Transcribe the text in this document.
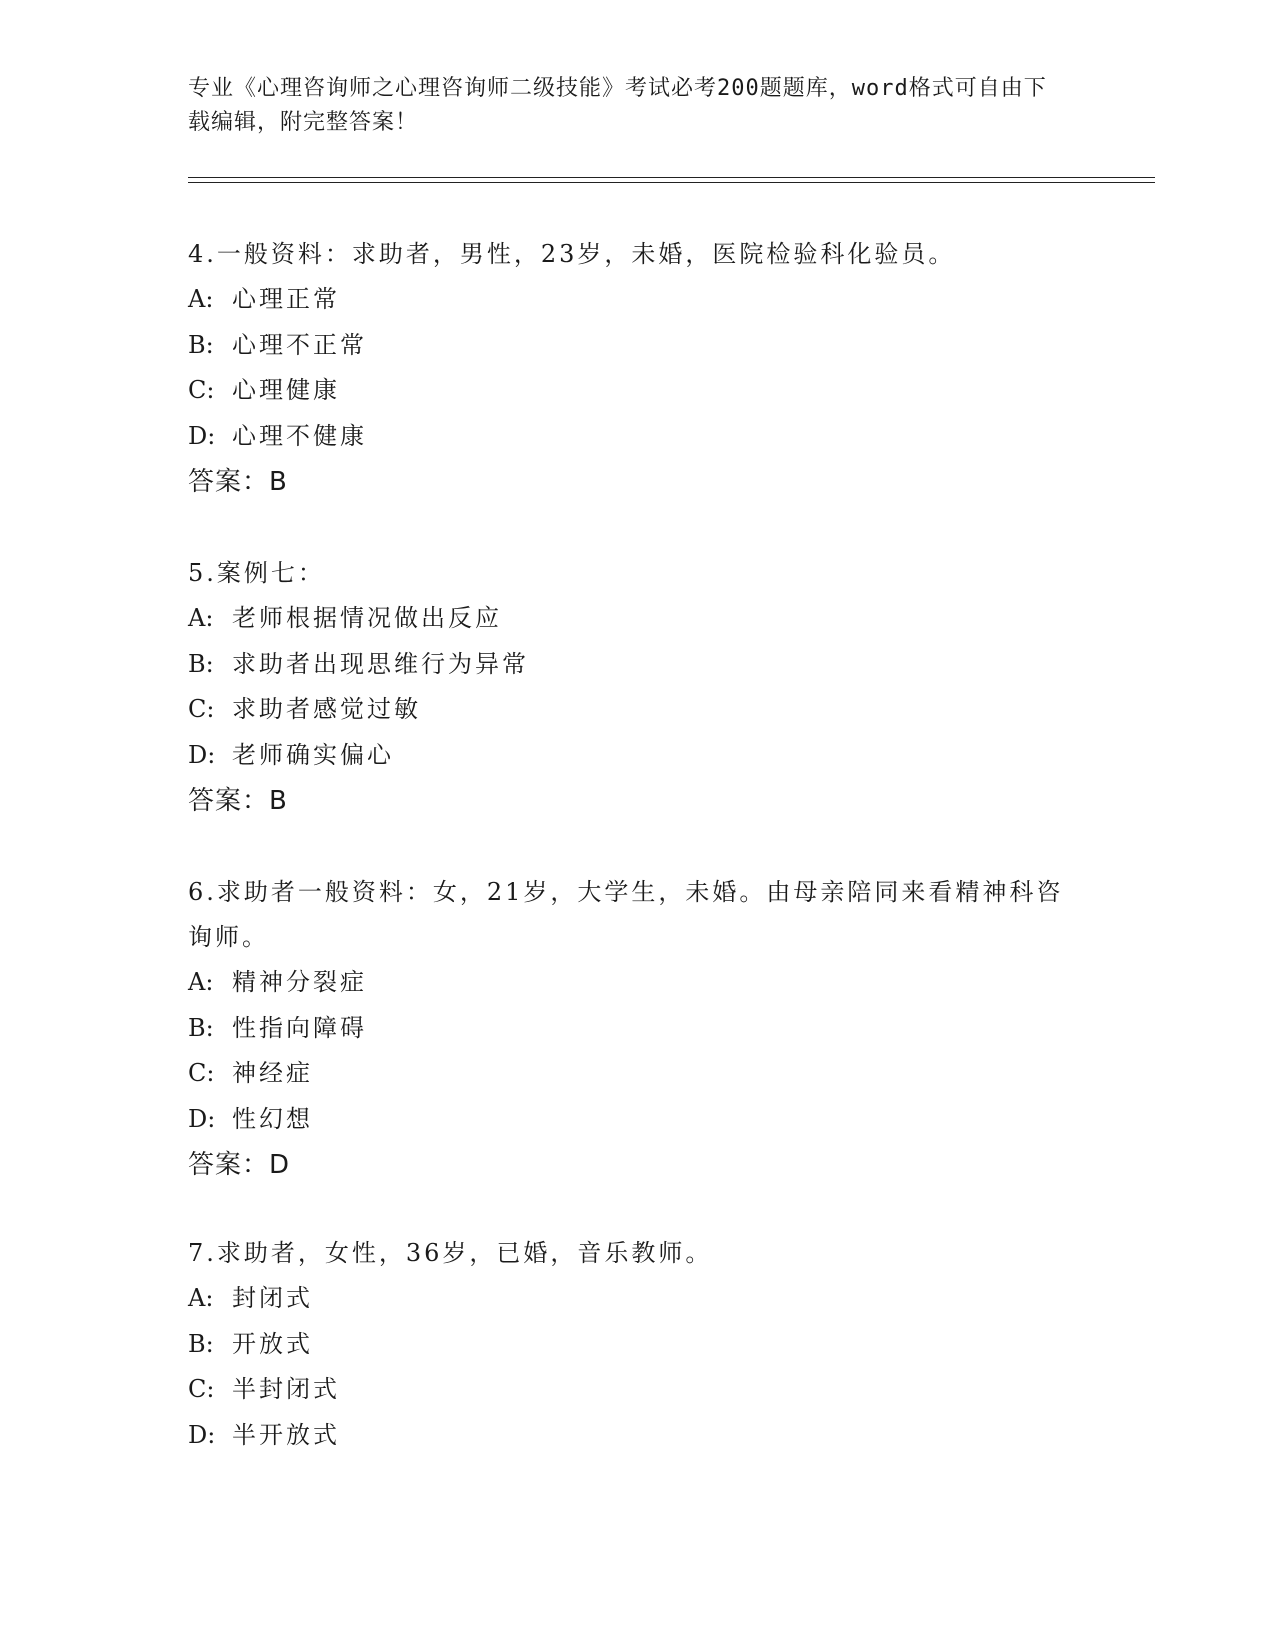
专业《心理咨询师之心理咨询师二级技能》考试必考200题题库，word格式可自由下载编辑，附完整答案！

4.一般资料：求助者，男性，23岁，未婚，医院检验科化验员。

A: 心理正常

B: 心理不正常

C: 心理健康

D: 心理不健康

答案：B

5.案例七：

A: 老师根据情况做出反应

B: 求助者出现思维行为异常

C: 求助者感觉过敏

D: 老师确实偏心

答案：B

6.求助者一般资料：女，21岁，大学生，未婚。由母亲陪同来看精神科咨询师。

A: 精神分裂症

B: 性指向障碍

C: 神经症

D: 性幻想

答案：D

7.求助者，女性，36岁，已婚，音乐教师。

A: 封闭式

B: 开放式

C: 半封闭式

D: 半开放式
